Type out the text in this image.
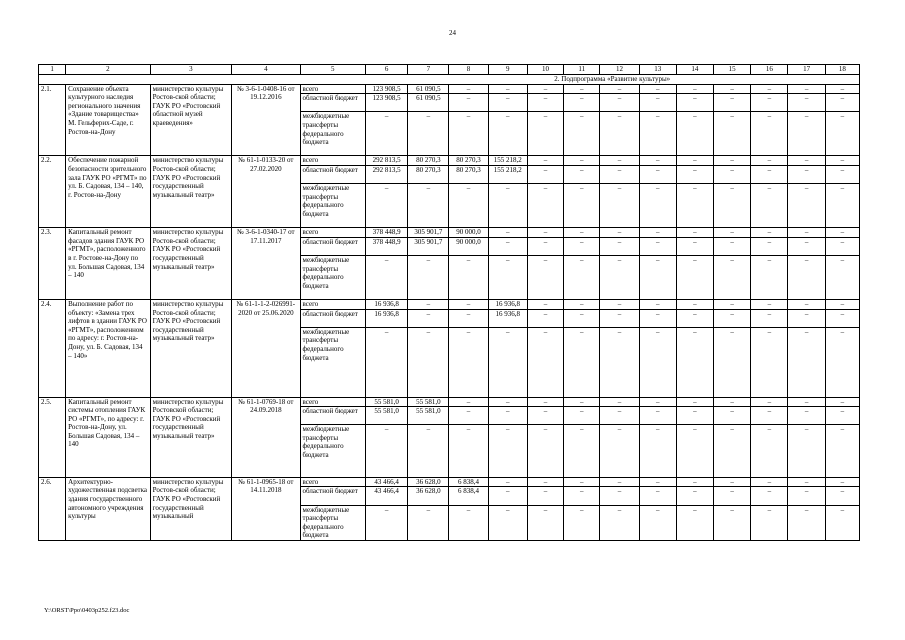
24
1	2	3	4	5	6	7	8	9	10	11	12	13	14	15	16	17	18
					2. Подпрограмма «Развитие культуры»												
2.1.	Сохранение объекта культурного наследия регионального значения «Здание товарищества» М. Гельферих-Саде, г. Ростов-на-Дону	министерство культуры Ростов-ской области; ГАУК РО «Ростовский областной музей краеведения»	№ 3-6-1-0408-16 от 19.12.2016	всего	123 908,5	61 090,5	–	–	–	–	–	–	–	–	–	–	–
				областной бюджет	123 908,5	61 090,5	–	–	–	–	–	–	–	–	–	–	–
				межбюджетные трансферты федерального бюджета	–	–	–	–	–	–	–	–	–	–	–	–	–
2.2.	Обеспечение пожарной безопасности зрительного зала ГАУК РО «РГМТ» по ул. Б. Садовая, 134 – 140, г. Ростов-на-Дону	министерство культуры Ростов-ской области; ГАУК РО «Ростовский государственный музыкальный театр»	№ 61-1-0133-20 от 27.02.2020	всего	292 813,5	80 270,3	80 270,3	155 218,2	–	–	–	–	–	–	–	–	–
				областной бюджет	292 813,5	80 270,3	80 270,3	155 218,2	–	–	–	–	–	–	–	–	–
				межбюджетные трансферты федерального бюджета	–	–	–	–	–	–	–	–	–	–	–	–	–
2.3.	Капитальный ремонт фасадов здания ГАУК РО «РГМТ», расположенного в г. Ростове-на-Дону по ул. Большая Садовая, 134 – 140	министерство культуры Ростов-ской области; ГАУК РО «Ростовский государственный музыкальный театр»	№ 3-6-1-0340-17 от 17.11.2017	всего	378 448,9	305 901,7	90 000,0	–	–	–	–	–	–	–	–	–	–
				областной бюджет	378 448,9	305 901,7	90 000,0	–	–	–	–	–	–	–	–	–	–
				межбюджетные трансферты федерального бюджета	–	–	–	–	–	–	–	–	–	–	–	–	–
2.4.	Выполнение работ по объекту: «Замена трех лифтов в здании ГАУК РО «РГМТ», расположенном по адресу: г. Ростов-на-Дону, ул. Б. Садовая, 134 – 140»	министерство культуры Ростов-ской области; ГАУК РО «Ростовский государственный музыкальный театр»	№ 61-1-1-2-026991-2020 от 25.06.2020	всего	16 936,8	–	–	16 936,8	–	–	–	–	–	–	–	–	–
				областной бюджет	16 936,8	–	–	16 936,8	–	–	–	–	–	–	–	–	–
				межбюджетные трансферты федерального бюджета	–	–	–	–	–	–	–	–	–	–	–	–	–
2.5.	Капитальный ремонт системы отопления ГАУК РО «РГМТ», по адресу: г. Ростов-на-Дону, ул. Большая Садовая, 134 – 140	министерство культуры Ростовской области; ГАУК РО «Ростовский государственный музыкальный театр»	№ 61-1-0769-18 от 24.09.2018	всего	55 581,0	55 581,0	–	–	–	–	–	–	–	–	–	–	–
				областной бюджет	55 581,0	55 581,0	–	–	–	–	–	–	–	–	–	–	–
				межбюджетные трансферты федерального бюджета	–	–	–	–	–	–	–	–	–	–	–	–	–
2.6.	Архитектурно-художественная подсветка здания государственного автономного учреждения культуры	министерство культуры Ростов-ской области; ГАУК РО «Ростовский государственный музыкальный	№ 61-1-0965-18 от 14.11.2018	всего	43 466,4	36 628,0	6 838,4	–	–	–	–	–	–	–	–	–	–
				областной бюджет	43 466,4	36 628,0	6 838,4	–	–	–	–	–	–	–	–	–	–
				межбюджетные трансферты федерального бюджета	–	–	–	–	–	–	–	–	–	–	–	–	–
Y:\ORST\Ppo\0403p252.f23.doc
